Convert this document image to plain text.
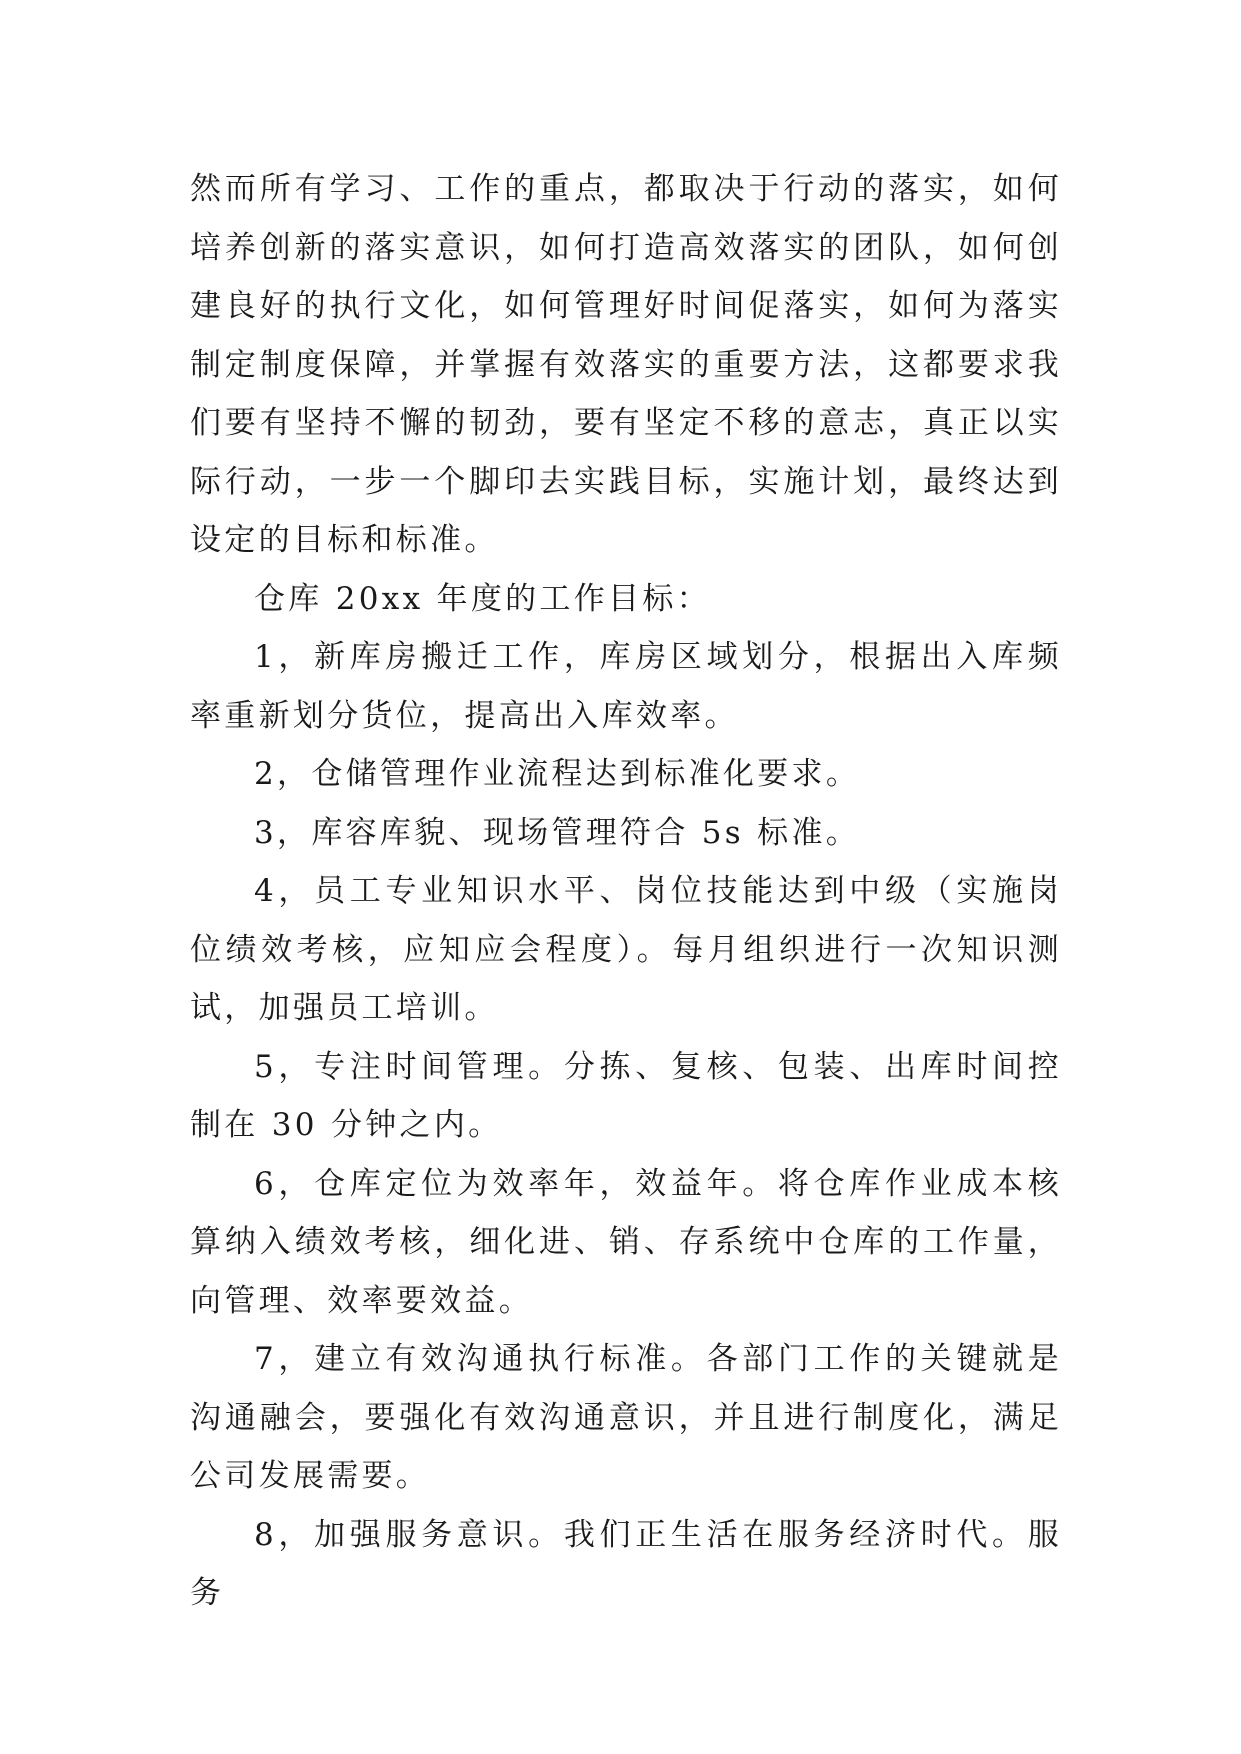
然而所有学习、工作的重点，都取决于行动的落实，如何培养创新的落实意识，如何打造高效落实的团队，如何创建良好的执行文化，如何管理好时间促落实，如何为落实制定制度保障，并掌握有效落实的重要方法，这都要求我们要有坚持不懈的韧劲，要有坚定不移的意志，真正以实际行动，一步一个脚印去实践目标，实施计划，最终达到设定的目标和标准。

仓库 20xx 年度的工作目标：

1，新库房搬迁工作，库房区域划分，根据出入库频率重新划分货位，提高出入库效率。

2，仓储管理作业流程达到标准化要求。

3，库容库貌、现场管理符合 5s 标准。

4，员工专业知识水平、岗位技能达到中级（实施岗位绩效考核，应知应会程度）。每月组织进行一次知识测试，加强员工培训。

5，专注时间管理。分拣、复核、包装、出库时间控制在 30 分钟之内。

6，仓库定位为效率年，效益年。将仓库作业成本核算纳入绩效考核，细化进、销、存系统中仓库的工作量，向管理、效率要效益。

7，建立有效沟通执行标准。各部门工作的关键就是沟通融会，要强化有效沟通意识，并且进行制度化，满足公司发展需要。

8，加强服务意识。我们正生活在服务经济时代。服务
